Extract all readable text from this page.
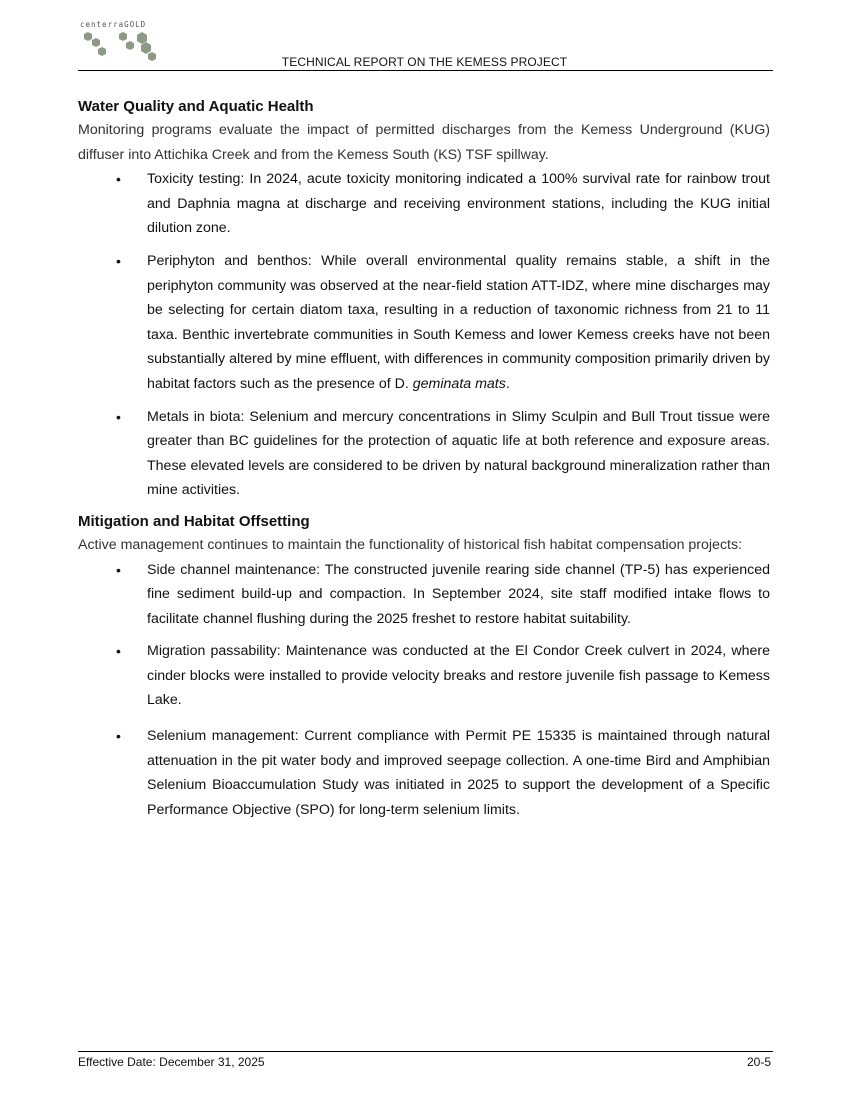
centerraGOLD
TECHNICAL REPORT ON THE KEMESS PROJECT
Water Quality and Aquatic Health

Monitoring programs evaluate the impact of permitted discharges from the Kemess Underground (KUG) diffuser into Attichika Creek and from the Kemess South (KS) TSF spillway.

• Toxicity testing: In 2024, acute toxicity monitoring indicated a 100% survival rate for rainbow trout and Daphnia magna at discharge and receiving environment stations, including the KUG initial dilution zone.
• Periphyton and benthos: While overall environmental quality remains stable, a shift in the periphyton community was observed at the near-field station ATT-IDZ, where mine discharges may be selecting for certain diatom taxa, resulting in a reduction of taxonomic richness from 21 to 11 taxa. Benthic invertebrate communities in South Kemess and lower Kemess creeks have not been substantially altered by mine effluent, with differences in community composition primarily driven by habitat factors such as the presence of D. geminata mats.
• Metals in biota: Selenium and mercury concentrations in Slimy Sculpin and Bull Trout tissue were greater than BC guidelines for the protection of aquatic life at both reference and exposure areas. These elevated levels are considered to be driven by natural background mineralization rather than mine activities.
Mitigation and Habitat Offsetting

Active management continues to maintain the functionality of historical fish habitat compensation projects:

• Side channel maintenance: The constructed juvenile rearing side channel (TP-5) has experienced fine sediment build-up and compaction. In September 2024, site staff modified intake flows to facilitate channel flushing during the 2025 freshet to restore habitat suitability.
• Migration passability: Maintenance was conducted at the El Condor Creek culvert in 2024, where cinder blocks were installed to provide velocity breaks and restore juvenile fish passage to Kemess Lake.
• Selenium management: Current compliance with Permit PE 15335 is maintained through natural attenuation in the pit water body and improved seepage collection. A one-time Bird and Amphibian Selenium Bioaccumulation Study was initiated in 2025 to support the development of a Specific Performance Objective (SPO) for long-term selenium limits.
Effective Date: December 31, 2025	20-5
